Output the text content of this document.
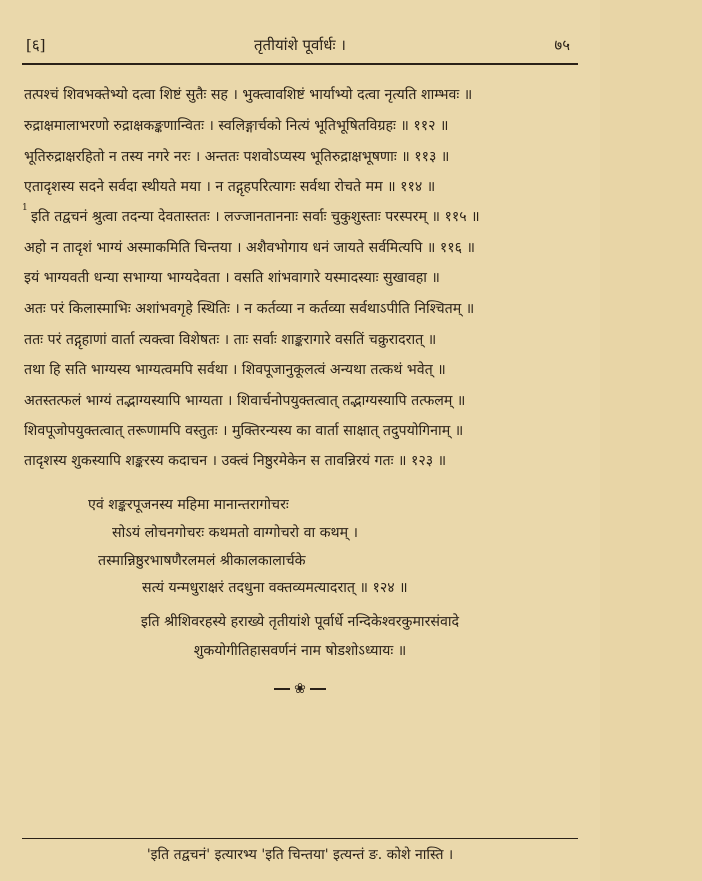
[६]	तृतीयांशे पूर्वार्धः ।	७५
तत्पश्चं शिवभक्तेभ्यो दत्वा शिष्टं सुतैः सह । भुक्त्वावशिष्टं भार्याभ्यो दत्वा नृत्यति शाम्भवः ॥
रुद्राक्षमालाभरणो रुद्राक्षकङ्कणान्वितः । स्वलिङ्गार्चको नित्यं भूतिभूषितविग्रहः ॥ ११२ ॥
भूतिरुद्राक्षरहितो न तस्य नगरे नरः । अन्ततः पशवोऽप्यस्य भूतिरुद्राक्षभूषणाः ॥ ११३ ॥
एतादृशस्य सदने सर्वदा स्थीयते मया । न तद्गृहपरित्यागः सर्वथा रोचते मम ॥ ११४ ॥
1
इति तद्वचनं श्रुत्वा तदन्या देवतास्ततः । लज्जानताननाः सर्वाः चुकुशुस्ताः परस्परम् ॥ ११५ ॥
अहो न तादृशं भाग्यं अस्माकमिति चिन्तया । अशैवभोगाय धनं जायते सर्वमित्यपि ॥ ११६ ॥
इयं भाग्यवती धन्या सभाग्या भाग्यदेवता । वसति शांभवागारे यस्मादस्याः सुखावहा ॥
अतः परं किलास्माभिः अशांभवगृहे स्थितिः । न कर्तव्या न कर्तव्या सर्वथाऽपीति निश्चितम् ॥
ततः परं तद्गृहाणां वार्ता त्यक्त्वा विशेषतः । ताः सर्वाः शाङ्करागारे वसतिं चक्रुरादरात् ॥
तथा हि सति भाग्यस्य भाग्यत्वमपि सर्वथा । शिवपूजानुकूलत्वं अन्यथा तत्कथं भवेत् ॥
अतस्तत्फलं भाग्यं तद्भाग्यस्यापि भाग्यता । शिवार्चनोपयुक्तत्वात् तद्भाग्यस्यापि तत्फलम् ॥
शिवपूजोपयुक्तत्वात् तरूणामपि वस्तुतः । मुक्तिरन्यस्य का वार्ता साक्षात् तदुपयोगिनाम् ॥
तादृशस्य शुकस्यापि शङ्करस्य कदाचन । उक्त्वं निष्ठुरमेकेन स तावन्निरयं गतः ॥ १२३ ॥
एवं शङ्करपूजनस्य महिमा मानान्तरागोचरः
सोऽयं लोचनगोचरः कथमतो वाग्गोचरो वा कथम् ।
तस्मान्निष्ठुरभाषणैरलमलं श्रीकालकालार्चके
सत्यं यन्मधुराक्षरं तदधुना वक्तव्यमत्यादरात् ॥ १२४ ॥
इति श्रीशिवरहस्ये हराख्ये तृतीयांशे पूर्वार्धे नन्दिकेश्वरकुमारसंवादे
शुकयोगीतिहासवर्णनं नाम षोडशोऽध्यायः ॥
❀
'इति तद्वचनं' इत्यारभ्य 'इति चिन्तया' इत्यन्तं ङ. कोशे नास्ति ।
